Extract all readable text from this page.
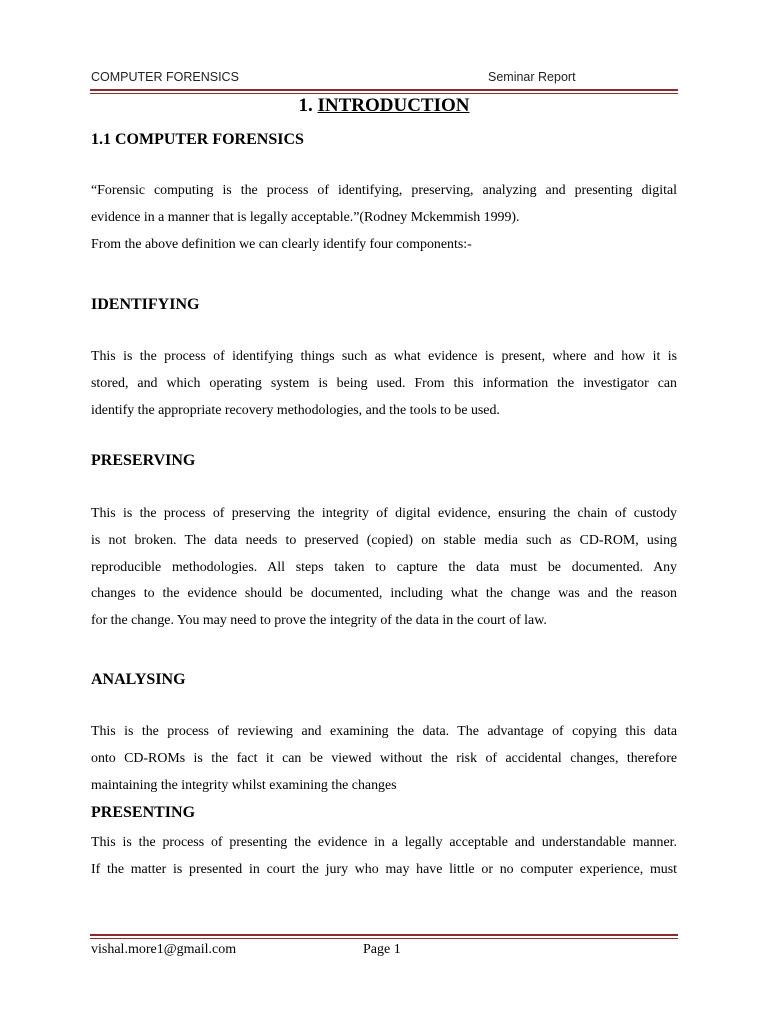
COMPUTER FORENSICS	Seminar Report
1. INTRODUCTION
1.1 COMPUTER FORENSICS
“Forensic computing is the process of identifying, preserving, analyzing and presenting digital
evidence in a manner that is legally acceptable.”(Rodney Mckemmish 1999).
From the above definition we can clearly identify four components:-
IDENTIFYING
This is the process of identifying things such as what evidence is present, where and how it is
stored, and which operating system is being used. From this information the investigator can
identify the appropriate recovery methodologies, and the tools to be used.
PRESERVING
This is the process of preserving the integrity of digital evidence, ensuring the chain of custody
is not broken. The data needs to preserved (copied) on stable media such as CD-ROM, using
reproducible methodologies. All steps taken to capture the data must be documented. Any
changes to the evidence should be documented, including what the change was and the reason
for the change. You may need to prove the integrity of the data in the court of law.
ANALYSING
This is the process of reviewing and examining the data. The advantage of copying this data
onto CD-ROMs is the fact it can be viewed without the risk of accidental changes, therefore
maintaining the integrity whilst examining the changes
PRESENTING
This is the process of presenting the evidence in a legally acceptable and understandable manner.
If the matter is presented in court the jury who may have little or no computer experience, must
vishal.more1@gmail.com	Page 1
